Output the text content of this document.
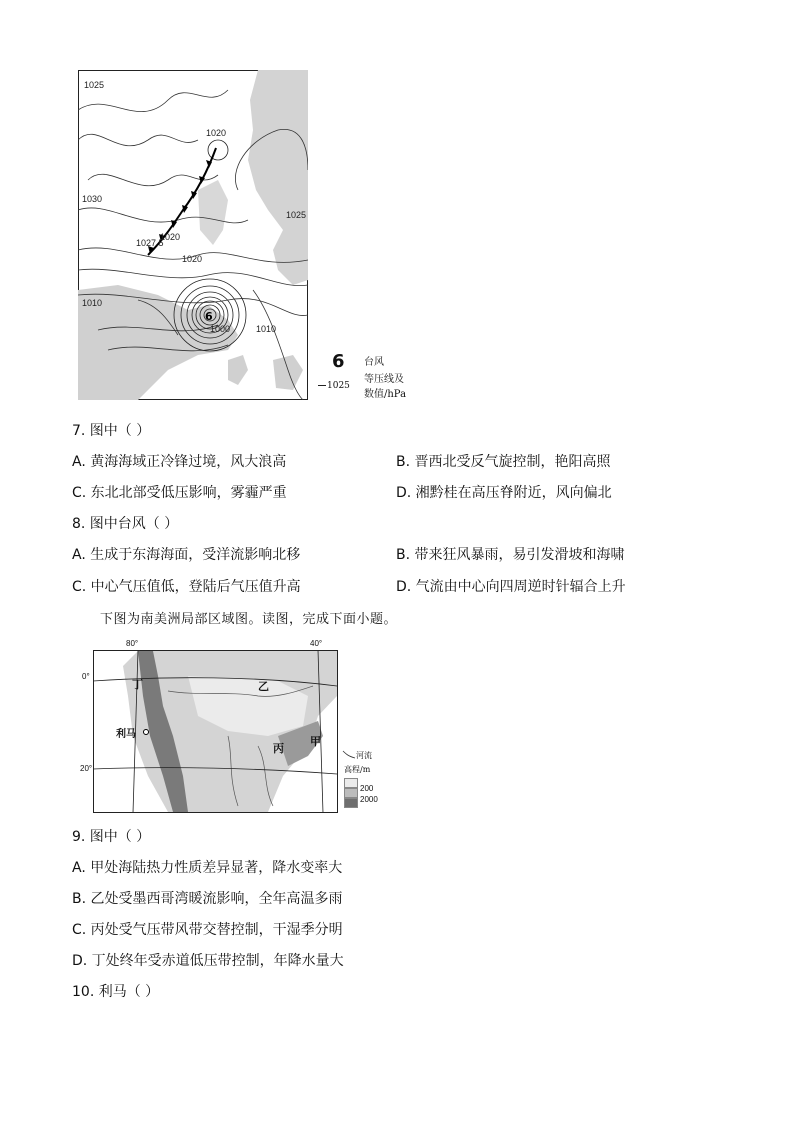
6
1025
1020
1030
1025
1027.5
1020
1020
1010
1010
1000
6 台风
1025
等压线及
数值/hPa
7. 图中（ ）
A. 黄海海域正冷锋过境，风大浪高	B. 晋西北受反气旋控制，艳阳高照
C. 东北北部受低压影响，雾霾严重	D. 湘黔桂在高压脊附近，风向偏北
8. 图中台风（ ）
A. 生成于东海海面，受洋流影响北移	B. 带来狂风暴雨，易引发滑坡和海啸
C. 中心气压值低，登陆后气压值升高	D. 气流由中心向四周逆时针辐合上升
下图为南美洲局部区域图。读图，完成下面小题。
80°	40°
0°
20°
丁	乙
利马
丙
甲
河流
高程/m
200
2000
9. 图中（ ）
A. 甲处海陆热力性质差异显著，降水变率大
B. 乙处受墨西哥湾暖流影响，全年高温多雨
C. 丙处受气压带风带交替控制，干湿季分明
D. 丁处终年受赤道低压带控制，年降水量大
10. 利马（ ）
